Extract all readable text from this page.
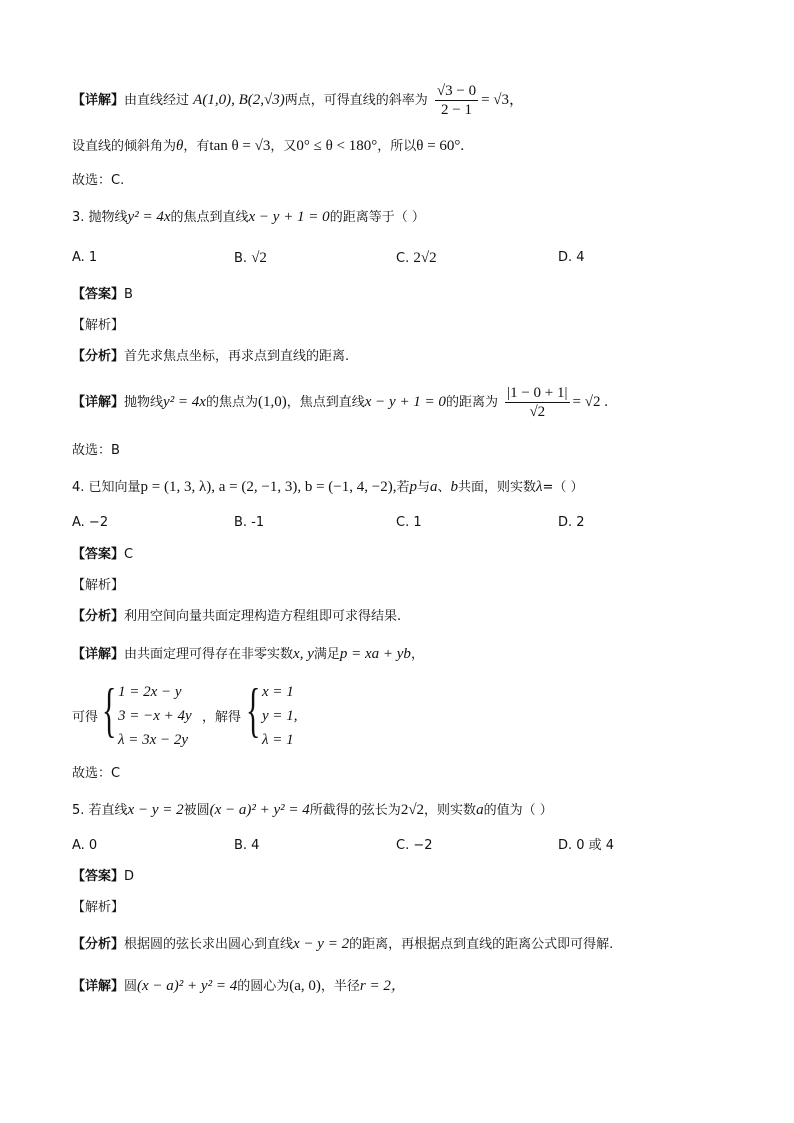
【详解】由直线经过 A(1,0), B(2,√3)两点，可得直线的斜率为 $\frac{√3 - 0}{2 - 1} = √3$，
设直线的倾斜角为θ，有tan θ = √3，又0° ≤ θ < 180°，所以θ = 60°.
故选：C.
3. 抛物线y² = 4x的焦点到直线x − y + 1 = 0的距离等于（ ）
A. 1	B. √2	C. 2√2	D. 4
【答案】B
【解析】
【分析】首先求焦点坐标，再求点到直线的距离.
【详解】抛物线y² = 4x的焦点为(1,0)，焦点到直线x − y + 1 = 0的距离为 $\frac{|1 - 0 + 1|}{√2} = √2$ .
故选：B
4. 已知向量p = (1, 3, λ), a = (2, −1, 3), b = (−1, 4, −2),若p与a、b共面，则实数λ=（ ）
A. −2	B. -1	C. 1	D. 2
【答案】C
【解析】
【分析】利用空间向量共面定理构造方程组即可求得结果.
【详解】由共面定理可得存在非零实数x, y满足p = xa + yb，
可得 { 1 = 2x − y
3 = −x + 4y
λ = 3x − 2y
，解得 { x = 1
y = 1,
λ = 1
故选：C
5. 若直线x − y = 2被圆(x − a)² + y² = 4所截得的弦长为2√2，则实数a的值为（ ）
A. 0	B. 4	C. −2	D. 0 或 4
【答案】D
【解析】
【分析】根据圆的弦长求出圆心到直线x − y = 2的距离，再根据点到直线的距离公式即可得解.
【详解】圆(x − a)² + y² = 4的圆心为(a, 0)，半径r = 2，
